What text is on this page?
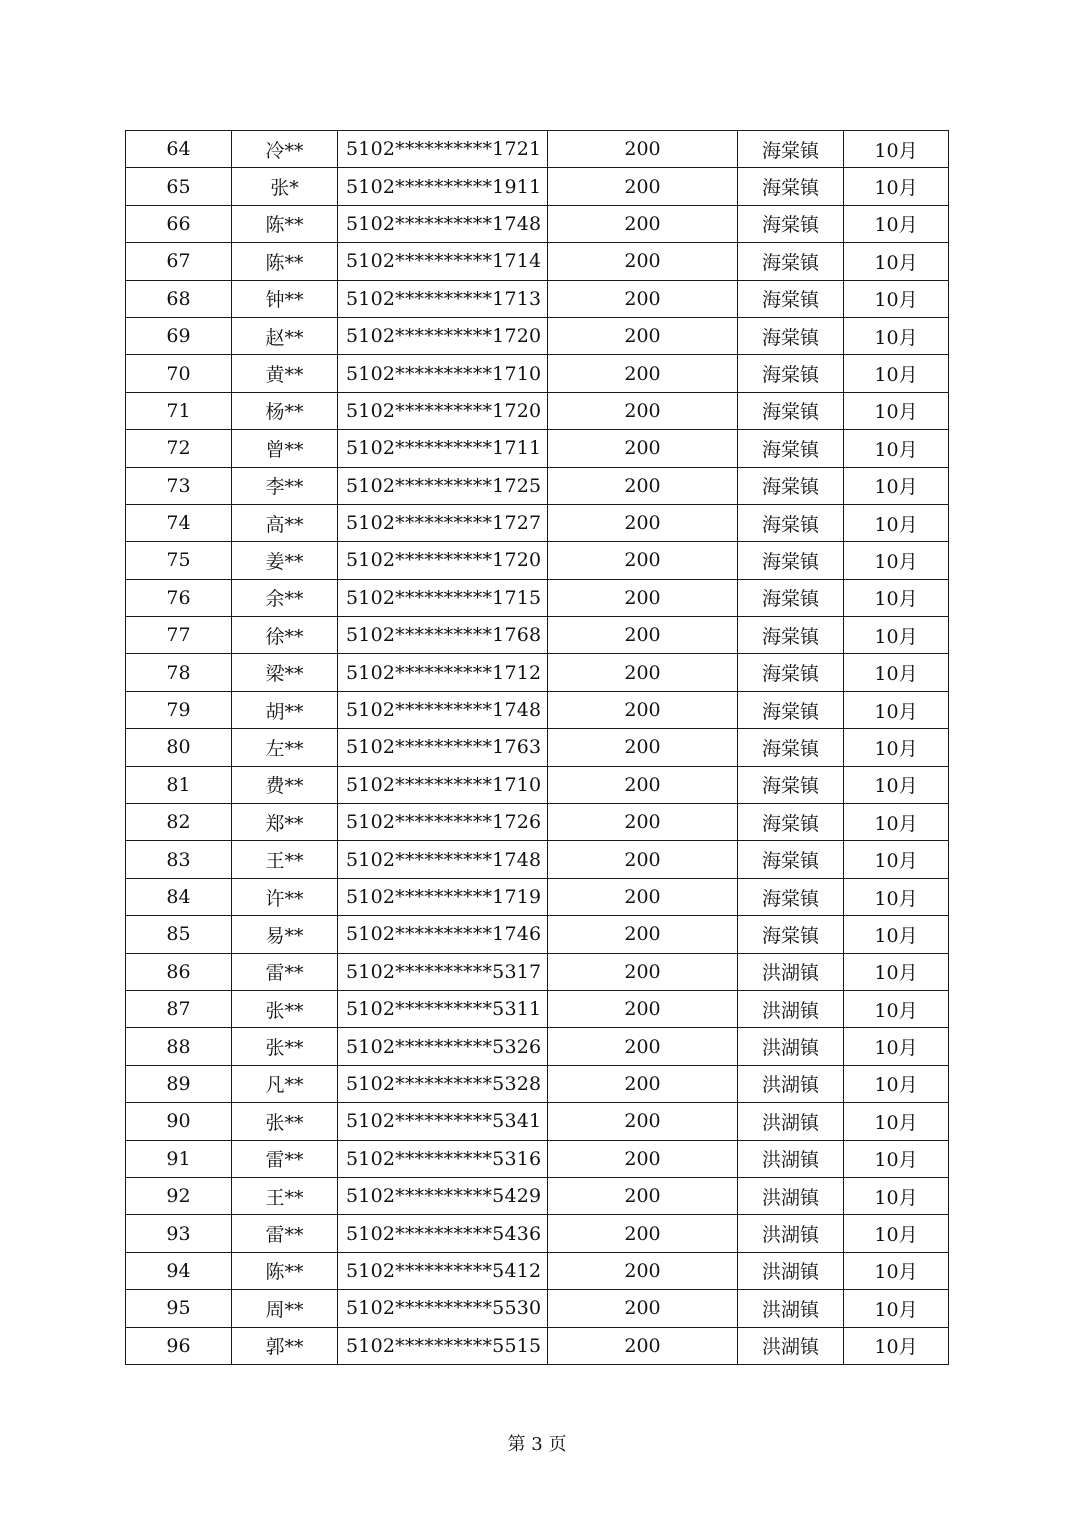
64	冷**	5102**********1721	200	海棠镇	10月
65	张*	5102**********1911	200	海棠镇	10月
66	陈**	5102**********1748	200	海棠镇	10月
67	陈**	5102**********1714	200	海棠镇	10月
68	钟**	5102**********1713	200	海棠镇	10月
69	赵**	5102**********1720	200	海棠镇	10月
70	黄**	5102**********1710	200	海棠镇	10月
71	杨**	5102**********1720	200	海棠镇	10月
72	曾**	5102**********1711	200	海棠镇	10月
73	李**	5102**********1725	200	海棠镇	10月
74	高**	5102**********1727	200	海棠镇	10月
75	姜**	5102**********1720	200	海棠镇	10月
76	余**	5102**********1715	200	海棠镇	10月
77	徐**	5102**********1768	200	海棠镇	10月
78	梁**	5102**********1712	200	海棠镇	10月
79	胡**	5102**********1748	200	海棠镇	10月
80	左**	5102**********1763	200	海棠镇	10月
81	费**	5102**********1710	200	海棠镇	10月
82	郑**	5102**********1726	200	海棠镇	10月
83	王**	5102**********1748	200	海棠镇	10月
84	许**	5102**********1719	200	海棠镇	10月
85	易**	5102**********1746	200	海棠镇	10月
86	雷**	5102**********5317	200	洪湖镇	10月
87	张**	5102**********5311	200	洪湖镇	10月
88	张**	5102**********5326	200	洪湖镇	10月
89	凡**	5102**********5328	200	洪湖镇	10月
90	张**	5102**********5341	200	洪湖镇	10月
91	雷**	5102**********5316	200	洪湖镇	10月
92	王**	5102**********5429	200	洪湖镇	10月
93	雷**	5102**********5436	200	洪湖镇	10月
94	陈**	5102**********5412	200	洪湖镇	10月
95	周**	5102**********5530	200	洪湖镇	10月
96	郭**	5102**********5515	200	洪湖镇	10月
第 3 页
